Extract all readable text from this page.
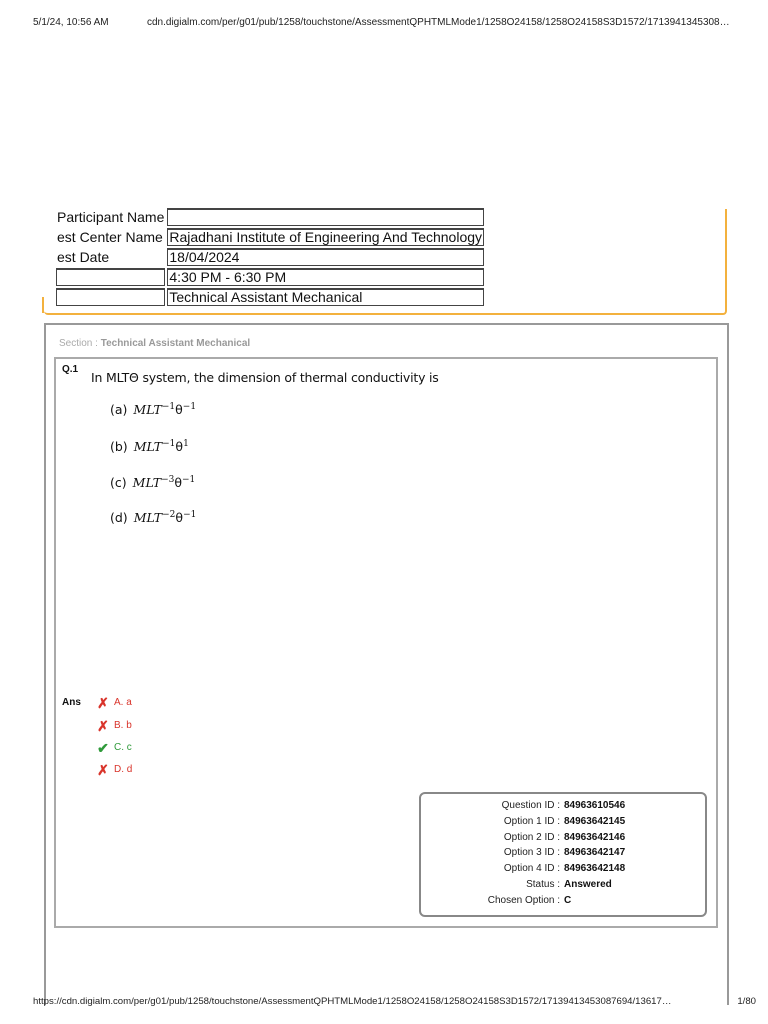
5/1/24, 10:56 AM	cdn.digialm.com/per/g01/pub/1258/touchstone/AssessmentQPHTMLMode1/1258O24158/1258O24158S3D1572/1713941345308…
Participant Name	
est Center Name	Rajadhani Institute of Engineering And Technology
est Date	18/04/2024
	4:30 PM - 6:30 PM
	Technical Assistant Mechanical
Section : Technical Assistant Mechanical
Q.1
In MLTΘ system, the dimension of thermal conductivity is
(a) $MLT^{-1}\theta^{-1}$
(b) $MLT^{-1}\theta^1$
(c) $MLT^{-3}\theta^{-1}$
(d) $MLT^{-2}\theta^{-1}$
Ans ✗ A. a
✗ B. b
✔ C. c
✗ D. d
Question ID : 84963610546
Option 1 ID : 84963642145
Option 2 ID : 84963642146
Option 3 ID : 84963642147
Option 4 ID : 84963642148
Status : Answered
Chosen Option : C
https://cdn.digialm.com/per/g01/pub/1258/touchstone/AssessmentQPHTMLMode1/1258O24158/1258O24158S3D1572/17139413453087694/13617…	1/80
